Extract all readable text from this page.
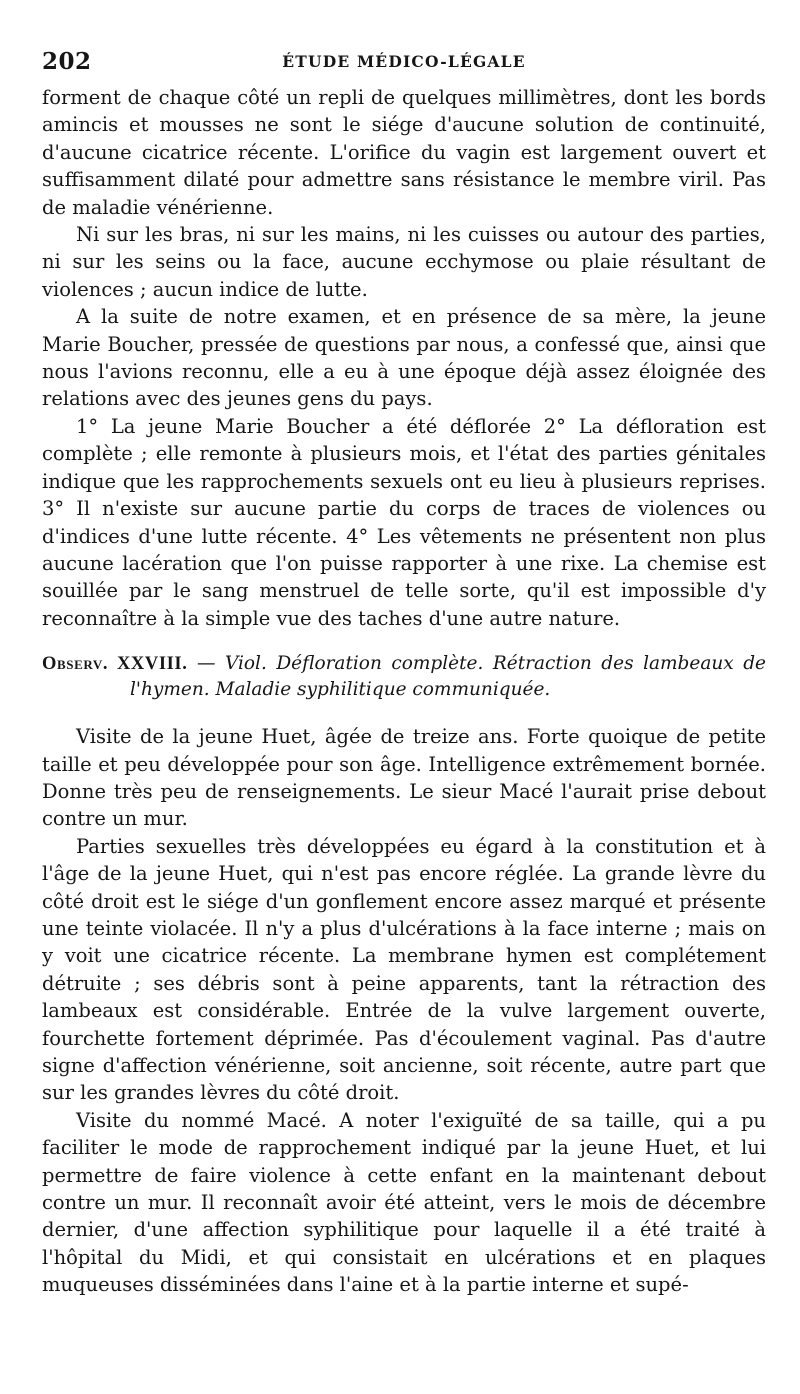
202	ÉTUDE MÉDICO-LÉGALE

forment de chaque côté un repli de quelques millimètres, dont les bords amincis et mousses ne sont le siége d'aucune solution de continuité, d'aucune cicatrice récente. L'orifice du vagin est largement ouvert et suffisamment dilaté pour admettre sans résistance le membre viril. Pas de maladie vénérienne.

Ni sur les bras, ni sur les mains, ni les cuisses ou autour des parties, ni sur les seins ou la face, aucune ecchymose ou plaie résultant de violences ; aucun indice de lutte.

A la suite de notre examen, et en présence de sa mère, la jeune Marie Boucher, pressée de questions par nous, a confessé que, ainsi que nous l'avions reconnu, elle a eu à une époque déjà assez éloignée des relations avec des jeunes gens du pays.

1° La jeune Marie Boucher a été déflorée 2° La défloration est complète ; elle remonte à plusieurs mois, et l'état des parties génitales indique que les rapprochements sexuels ont eu lieu à plusieurs reprises. 3° Il n'existe sur aucune partie du corps de traces de violences ou d'indices d'une lutte récente. 4° Les vêtements ne présentent non plus aucune lacération que l'on puisse rapporter à une rixe. La chemise est souillée par le sang menstruel de telle sorte, qu'il est impossible d'y reconnaître à la simple vue des taches d'une autre nature.

Observ. XXVIII. — Viol. Défloration complète. Rétraction des lambeaux de l'hymen. Maladie syphilitique communiquée.

Visite de la jeune Huet, âgée de treize ans. Forte quoique de petite taille et peu développée pour son âge. Intelligence extrêmement bornée. Donne très peu de renseignements. Le sieur Macé l'aurait prise debout contre un mur.

Parties sexuelles très développées eu égard à la constitution et à l'âge de la jeune Huet, qui n'est pas encore réglée. La grande lèvre du côté droit est le siége d'un gonflement encore assez marqué et présente une teinte violacée. Il n'y a plus d'ulcérations à la face interne ; mais on y voit une cicatrice récente. La membrane hymen est complétement détruite ; ses débris sont à peine apparents, tant la rétraction des lambeaux est considérable. Entrée de la vulve largement ouverte, fourchette fortement déprimée. Pas d'écoulement vaginal. Pas d'autre signe d'affection vénérienne, soit ancienne, soit récente, autre part que sur les grandes lèvres du côté droit.

Visite du nommé Macé. A noter l'exiguïté de sa taille, qui a pu faciliter le mode de rapprochement indiqué par la jeune Huet, et lui permettre de faire violence à cette enfant en la maintenant debout contre un mur. Il reconnaît avoir été atteint, vers le mois de décembre dernier, d'une affection syphilitique pour laquelle il a été traité à l'hôpital du Midi, et qui consistait en ulcérations et en plaques muqueuses disséminées dans l'aine et à la partie interne et supé-
